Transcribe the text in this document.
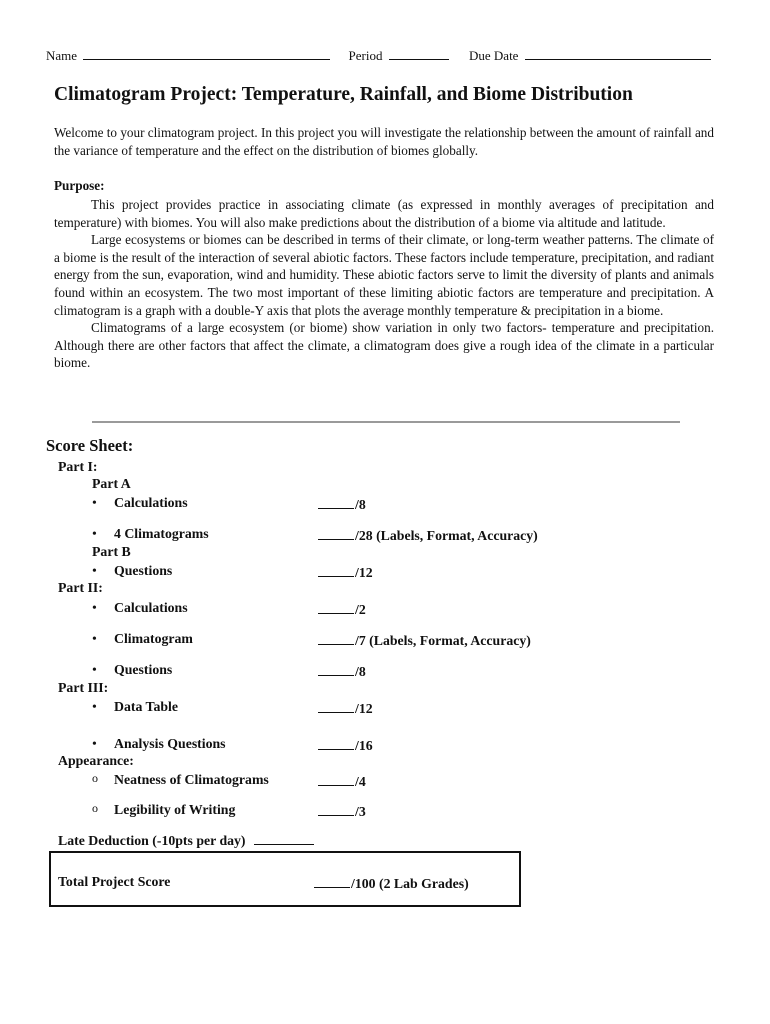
Name	Period	Due Date
Climatogram Project: Temperature, Rainfall, and Biome Distribution

Welcome to your climatogram project. In this project you will investigate the relationship between the amount of rainfall and the variance of temperature and the effect on the distribution of biomes globally.

Purpose:

This project provides practice in associating climate (as expressed in monthly averages of precipitation and temperature) with biomes. You will also make predictions about the distribution of a biome via altitude and latitude.

Large ecosystems or biomes can be described in terms of their climate, or long-term weather patterns. The climate of a biome is the result of the interaction of several abiotic factors. These factors include temperature, precipitation, and radiant energy from the sun, evaporation, wind and humidity. These abiotic factors serve to limit the diversity of plants and animals found within an ecosystem. The two most important of these limiting abiotic factors are temperature and precipitation. A climatogram is a graph with a double-Y axis that plots the average monthly temperature & precipitation in a biome.

Climatograms of a large ecosystem (or biome) show variation in only two factors- temperature and precipitation. Although there are other factors that affect the climate, a climatogram does give a rough idea of the climate in a particular biome.

Score Sheet:
Part I:
Part A
• Calculations	/8
• 4 Climatograms	/28 (Labels, Format, Accuracy)
Part B
• Questions	/12
Part II:
• Calculations	/2
• Climatogram	/7 (Labels, Format, Accuracy)
• Questions	/8
Part III:
• Data Table	/12
• Analysis Questions	/16
Appearance:
o Neatness of Climatograms	/4
o Legibility of Writing	/3
Late Deduction (-10pts per day)
Total Project Score	/100 (2 Lab Grades)
